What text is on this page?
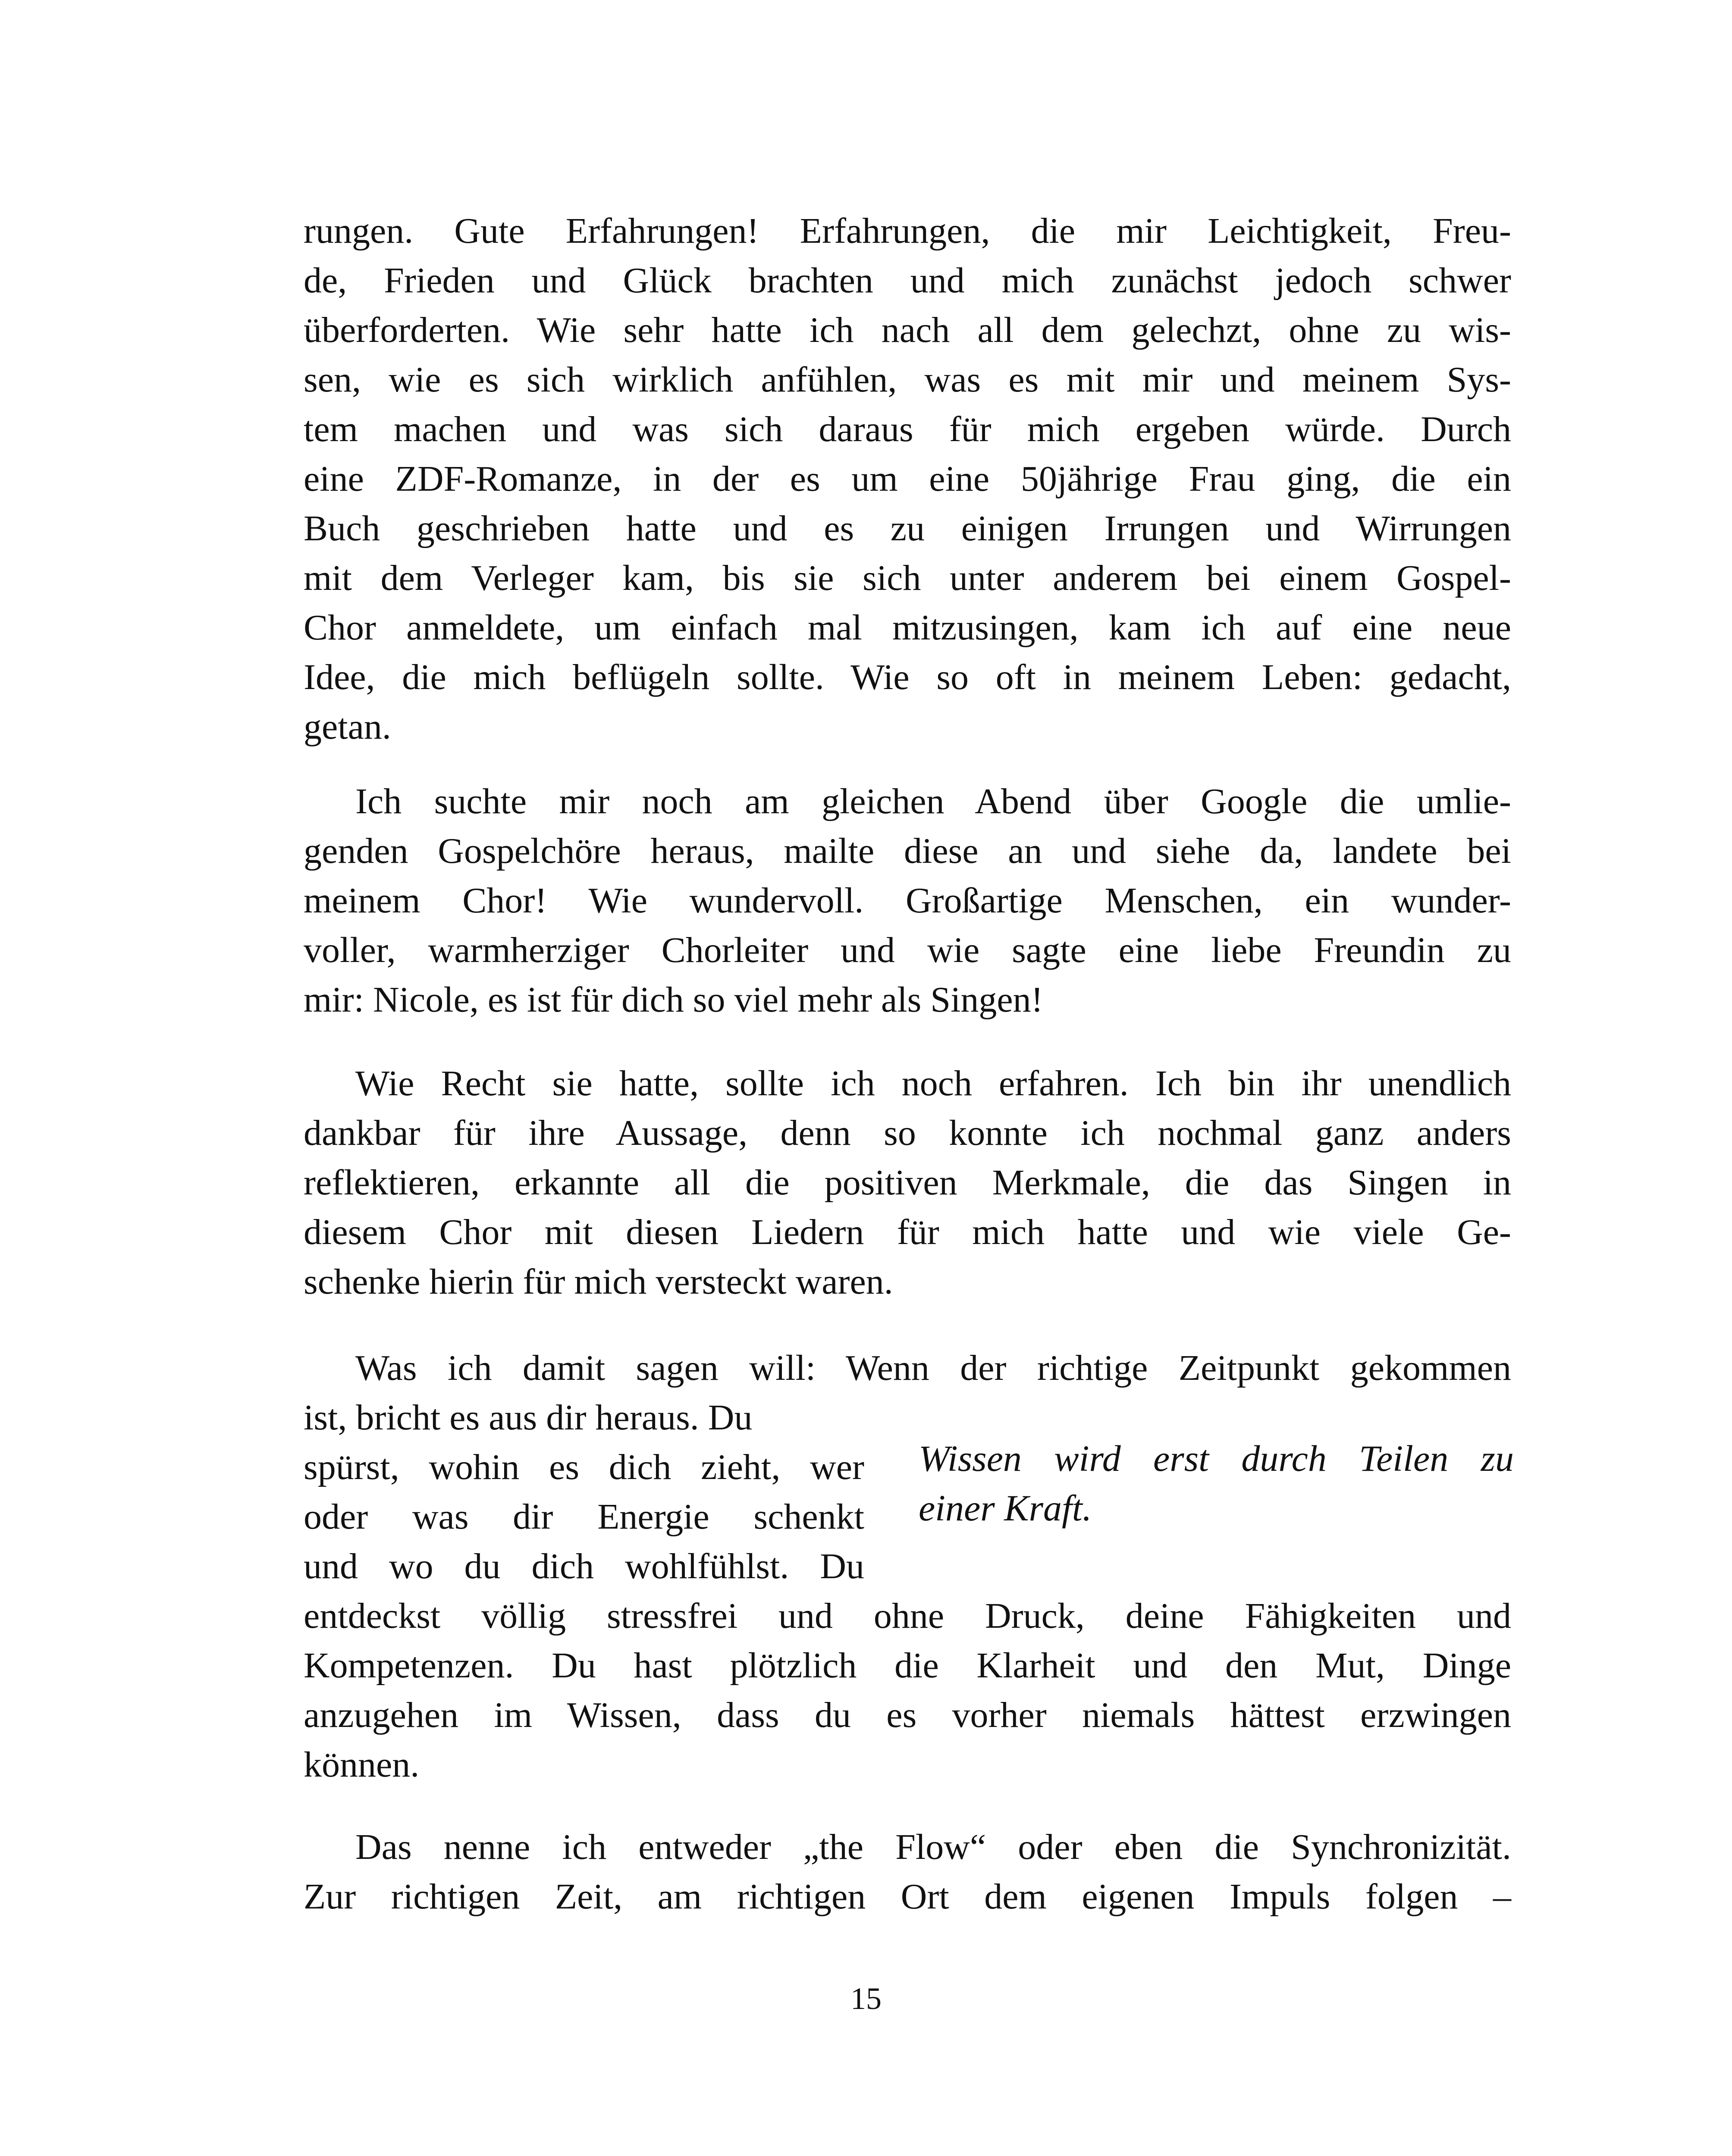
rungen. Gute Erfahrungen! Erfahrungen, die mir Leichtigkeit, Freu-
de, Frieden und Glück brachten und mich zunächst jedoch schwer
überforderten. Wie sehr hatte ich nach all dem gelechzt, ohne zu wis-
sen, wie es sich wirklich anfühlen, was es mit mir und meinem Sys-
tem machen und was sich daraus für mich ergeben würde. Durch
eine ZDF-Romanze, in der es um eine 50jährige Frau ging, die ein
Buch geschrieben hatte und es zu einigen Irrungen und Wirrungen
mit dem Verleger kam, bis sie sich unter anderem bei einem Gospel-
Chor anmeldete, um einfach mal mitzusingen, kam ich auf eine neue
Idee, die mich beflügeln sollte. Wie so oft in meinem Leben: gedacht,
getan.
Ich suchte mir noch am gleichen Abend über Google die umlie-
genden Gospelchöre heraus, mailte diese an und siehe da, landete bei
meinem Chor! Wie wundervoll. Großartige Menschen, ein wunder-
voller, warmherziger Chorleiter und wie sagte eine liebe Freundin zu
mir: Nicole, es ist für dich so viel mehr als Singen!
Wie Recht sie hatte, sollte ich noch erfahren. Ich bin ihr unendlich
dankbar für ihre Aussage, denn so konnte ich nochmal ganz anders
reflektieren, erkannte all die positiven Merkmale, die das Singen in
diesem Chor mit diesen Liedern für mich hatte und wie viele Ge-
schenke hierin für mich versteckt waren.
Was ich damit sagen will: Wenn der richtige Zeitpunkt gekommen
ist, bricht es aus dir heraus. Du
spürst, wohin es dich zieht, wer
oder was dir Energie schenkt
und wo du dich wohlfühlst. Du
entdeckst völlig stressfrei und ohne Druck, deine Fähigkeiten und
Kompetenzen. Du hast plötzlich die Klarheit und den Mut, Dinge
anzugehen im Wissen, dass du es vorher niemals hättest erzwingen
können.
Wissen wird erst durch Teilen zu
einer Kraft.
Das nenne ich entweder „the Flow“ oder eben die Synchronizität.
Zur richtigen Zeit, am richtigen Ort dem eigenen Impuls folgen –
15
